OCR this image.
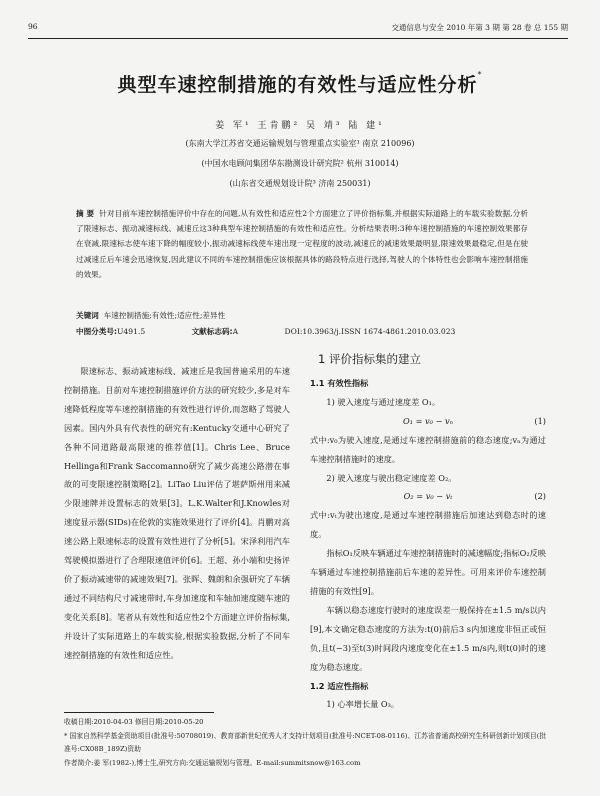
96	交通信息与安全 2010 年第 3 期 第 28 卷 总 155 期
典型车速控制措施的有效性与适应性分析*
姜 军¹ 王肯鹏² 吴 靖³ 陆 建¹
(东南大学江苏省交通运输规划与管理重点实验室¹ 南京 210096)
(中国水电顾问集团华东勘测设计研究院² 杭州 310014)
(山东省交通规划设计院³ 济南 250031)
摘 要 针对目前车速控制措施评价中存在的问题,从有效性和适应性2个方面建立了评价指标集,并根据实际道路上的车载实验数据,分析了限速标志、振动减速标线、减速丘这3种典型车速控制措施的有效性和适应性。分析结果表明:3种车速控制措施的车速控制效果都存在衰减,限速标志使车速下降的幅度较小,振动减速标线使车速出现一定程度的波动,减速丘的减速效果最明显,限速效果最稳定,但是在驶过减速丘后车速会迅速恢复,因此建议不同的车速控制措施应该根据具体的路段特点进行选择,驾驶人的个体特性也会影响车速控制措施的效果。
关键词 车速控制措施;有效性;适应性;差异性
中图分类号:U491.5	文献标志码:A	DOI:10.3963/j.ISSN 1674-4861.2010.03.023

限速标志、振动减速标线、减速丘是我国普遍采用的车速控制措施。目前对车速控制措施评价方法的研究较少,多是对车速降低程度等车速控制措施的有效性进行评价,而忽略了驾驶人因素。国内外具有代表性的研究有:Kentucky交通中心研究了各种不同道路最高限速的推荐值[1]。Chris Lee、Bruce Hellinga和Frank Saccomanno研究了减少高速公路潜在事故的可变限速控制策略[2]。LiTao Liu评估了堪萨斯州用来减少限速牌并设置标志的效果[3]。L.K.Walter和J.Knowles对速度显示器(SIDs)在伦敦的实施效果进行了评价[4]。肖鹏对高速公路上限速标志的设置有效性进行了分析[5]。宋泽利用汽车驾驶模拟器进行了合理限速值评价[6]。王超、孙小端和史扬评价了振动减速带的减速效果[7]。张晖、魏朗和余强研究了车辆通过不同结构尺寸减速带时,车身加速度和车轴加速度随车速的变化关系[8]。笔者从有效性和适应性2个方面建立评价指标集,并设计了实际道路上的车载实验,根据实验数据,分析了不同车速控制措施的有效性和适应性。

1 评价指标集的建立

1.1 有效性指标

1) 驶入速度与通过速度差 O₁。

O₁ = v₀ − vₙ	(1)

式中:v₀为驶入速度,是通过车速控制措施前的稳态速度;vₙ为通过车速控制措施时的速度。

2) 驶入速度与驶出稳定速度差 O₂。

O₂ = v₀ − vₜ	(2)

式中:vₜ为驶出速度,是通过车速控制措施后加速达到稳态时的速度。

指标O₁反映车辆通过车速控制措施时的减速幅度;指标O₂反映车辆通过车速控制措施前后车速的差异性。可用来评价车速控制措施的有效性[9]。

车辆以稳态速度行驶时的速度误差一般保持在±1.5 m/s以内[9],本文确定稳态速度的方法为:t(0)前后3 s内加速度非恒正或恒负,且t(−3)至t(3)时间段内速度变化在±1.5 m/s内,则t(0)时的速度为稳态速度。

1.2 适应性指标

1) 心率增长量 O₃。

收稿日期:2010-04-03 修回日期:2010-05-20
* 国家自然科学基金资助项目(批准号:50708019)、教育部新世纪优秀人才支持计划项目(批准号:NCET-08-0116)、江苏省普通高校研究生科研创新计划项目(批准号:CX08B_189Z)资助
作者简介:姜 军(1982-),博士生,研究方向:交通运输规划与管理。E-mail:summitsnow@163.com
